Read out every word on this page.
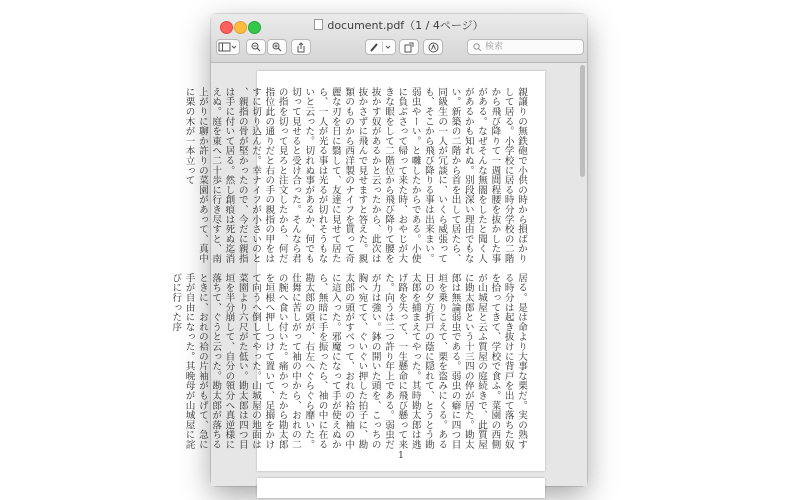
document.pdf（1 / 4ページ）
検索
親譲りの無鉄砲で小供の時から損ばかり
して居る。小学校に居る時分学校の二階
から飛び降りて一週間程腰を抜かした事
がある。なぜそんな無闇をしたと聞く人
があるかも知れぬ。別段深い理由でもな
い。新築の二階から首を出して居たら、
同級生の一人が冗談に、いくら威張って
も、そこから飛び降りる事は出来まい。
弱虫やーい。と囃したからである。小使
に負ぶさって帰って来た時、おやじが大
きな眼をして二階位から飛び降りて腰を
抜かす奴があるかと云ったから、此次は
抜かさずに飛んで見せますと答えた。親
類のものから西洋製のナイフを貰って奇
麗な刃を日に翳して、友達に見せて居た
ら、一人が光る事は光るが切れそうもな
いと云った。切れぬ事があるか、何でも
切って見せると受け合った。そんなら君
の指を切って見ろと注文したから、何だ
指位此の通りだと右の手の親指の甲をは
すに切り込んだ。幸ナイフが小さいのと
、親指の骨が堅かったので、今だに親指
は手に付いて居る。然し創痕は死ぬ迄消
えぬ。庭を東へ二十歩に行き尽すと、南
上がりに聊か許りの菜園があって、真中
に栗の木が一本立って
居る。是は命より大事な栗だ。実の熟す
る時分は起き抜けに背戸を出て落ちた奴
を拾ってきて、学校で食ふ。菜園の西側
が山城屋と云ふ質屋の庭続きで、此質屋
に勘太郎という十三四の倅が居た。勘太
郎は無論弱虫である。弱虫の癖に四つ目
垣を乗りこえて、栗を盗みにくる。ある
日の夕方折戸の蔭に隠れて、とうとう勘
太郎を捕まえてやった。其時勘太郎は逃
げ路を失って、一生懸命に飛び懸って来
た。向うは二つ許り年上である。弱虫だ
が力は強い。鉢の開いた頭を、こっちの
胸へ宛てて、ぐいぐい押した拍子に、勘
太郎の頭がすべって、おれの袷の袖の中
に這入った。邪魔になって手が使えぬか
ら、無暗に手を振ったら、袖の中に在る
勘太郎の頭が、右左へぐらぐら靡いた。
仕舞に苦しがって袖の中から、おれの二
の腕へ食い付いた。痛かったから勘太郎
を垣根へ押しつけて置いて、足搦をかけ
て向うへ倒してやった。山城屋の地面は
菜園より六尺がた低い。勘太郎は四つ目
垣を半分崩して、自分の領分へ真逆様に
落ちて、ぐうと云った。勘太郎が落ちる
ときに、おれの袷の片袖がもげて、急に
手が自由になった。其晩母が山城屋に詫
びに行った序
1
